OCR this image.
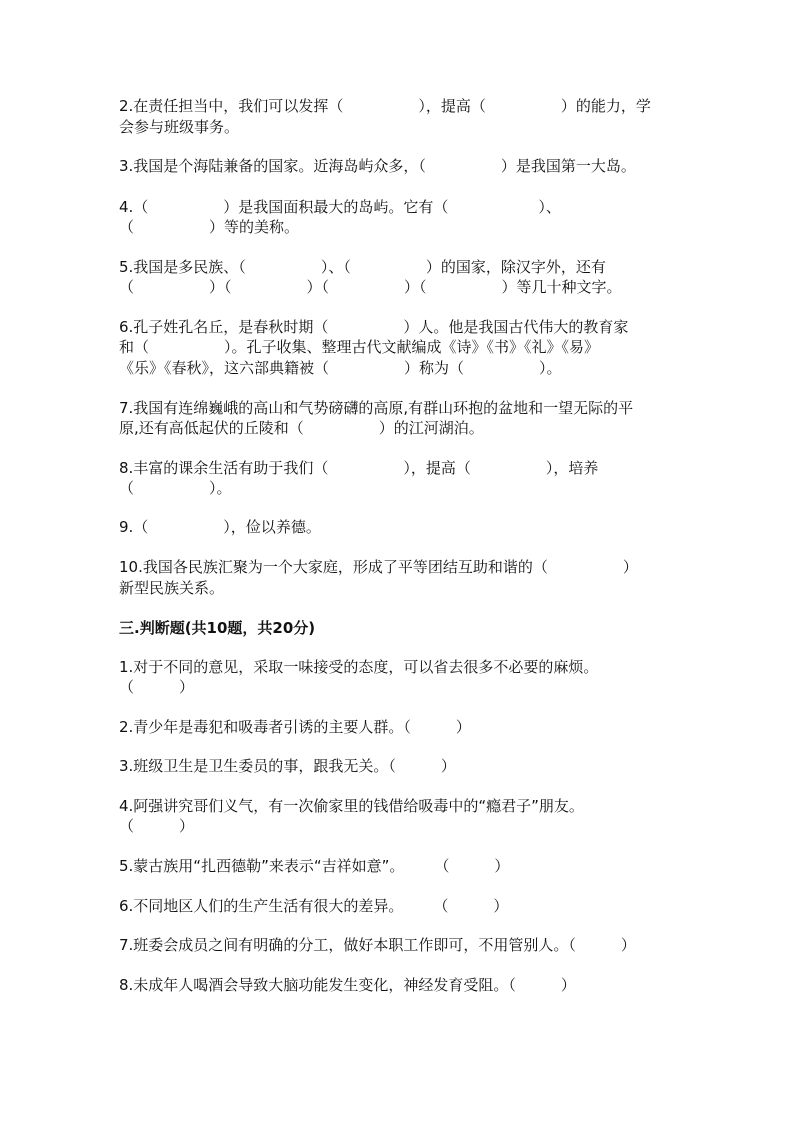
2.在责任担当中，我们可以发挥（　　　　　），提高（　　　　　）的能力，学
会参与班级事务。
3.我国是个海陆兼备的国家。近海岛屿众多，（　　　　　）是我国第一大岛。
4.（　　　　　）是我国面积最大的岛屿。它有（　　　　　　）、
（　　　　　）等的美称。
5.我国是多民族、（　　　　　）、（　　　　　）的国家，除汉字外，还有
（　　　　　）（　　　　　）（　　　　　）（　　　　　）等几十种文字。
6.孔子姓孔名丘，是春秋时期（　　　　　）人。他是我国古代伟大的教育家
和（　　　　　）。孔子收集、整理古代文献编成《诗》《书》《礼》《易》
《乐》《春秋》，这六部典籍被（　　　　　）称为（　　　　　）。
7.我国有连绵巍峨的高山和气势磅礴的高原,有群山环抱的盆地和一望无际的平
原,还有高低起伏的丘陵和（　　　　　）的江河湖泊。
8.丰富的课余生活有助于我们（　　　　　），提高（　　　　　），培养
（　　　　　）。
9.（　　　　　），俭以养德。
10.我国各民族汇聚为一个大家庭，形成了平等团结互助和谐的（　　　　　）
新型民族关系。
三.判断题(共10题，共20分)
1.对于不同的意见，采取一味接受的态度，可以省去很多不必要的麻烦。
（　　　）
2.青少年是毒犯和吸毒者引诱的主要人群。（　　　）
3.班级卫生是卫生委员的事，跟我无关。（　　　）
4.阿强讲究哥们义气，有一次偷家里的钱借给吸毒中的“瘾君子”朋友。
（　　　）
5.蒙古族用“扎西德勒”来表示“吉祥如意”。　　　（　　　）
6.不同地区人们的生产生活有很大的差异。　　　（　　　）
7.班委会成员之间有明确的分工，做好本职工作即可，不用管别人。（　　　）
8.未成年人喝酒会导致大脑功能发生变化，神经发育受阻。（　　　）
